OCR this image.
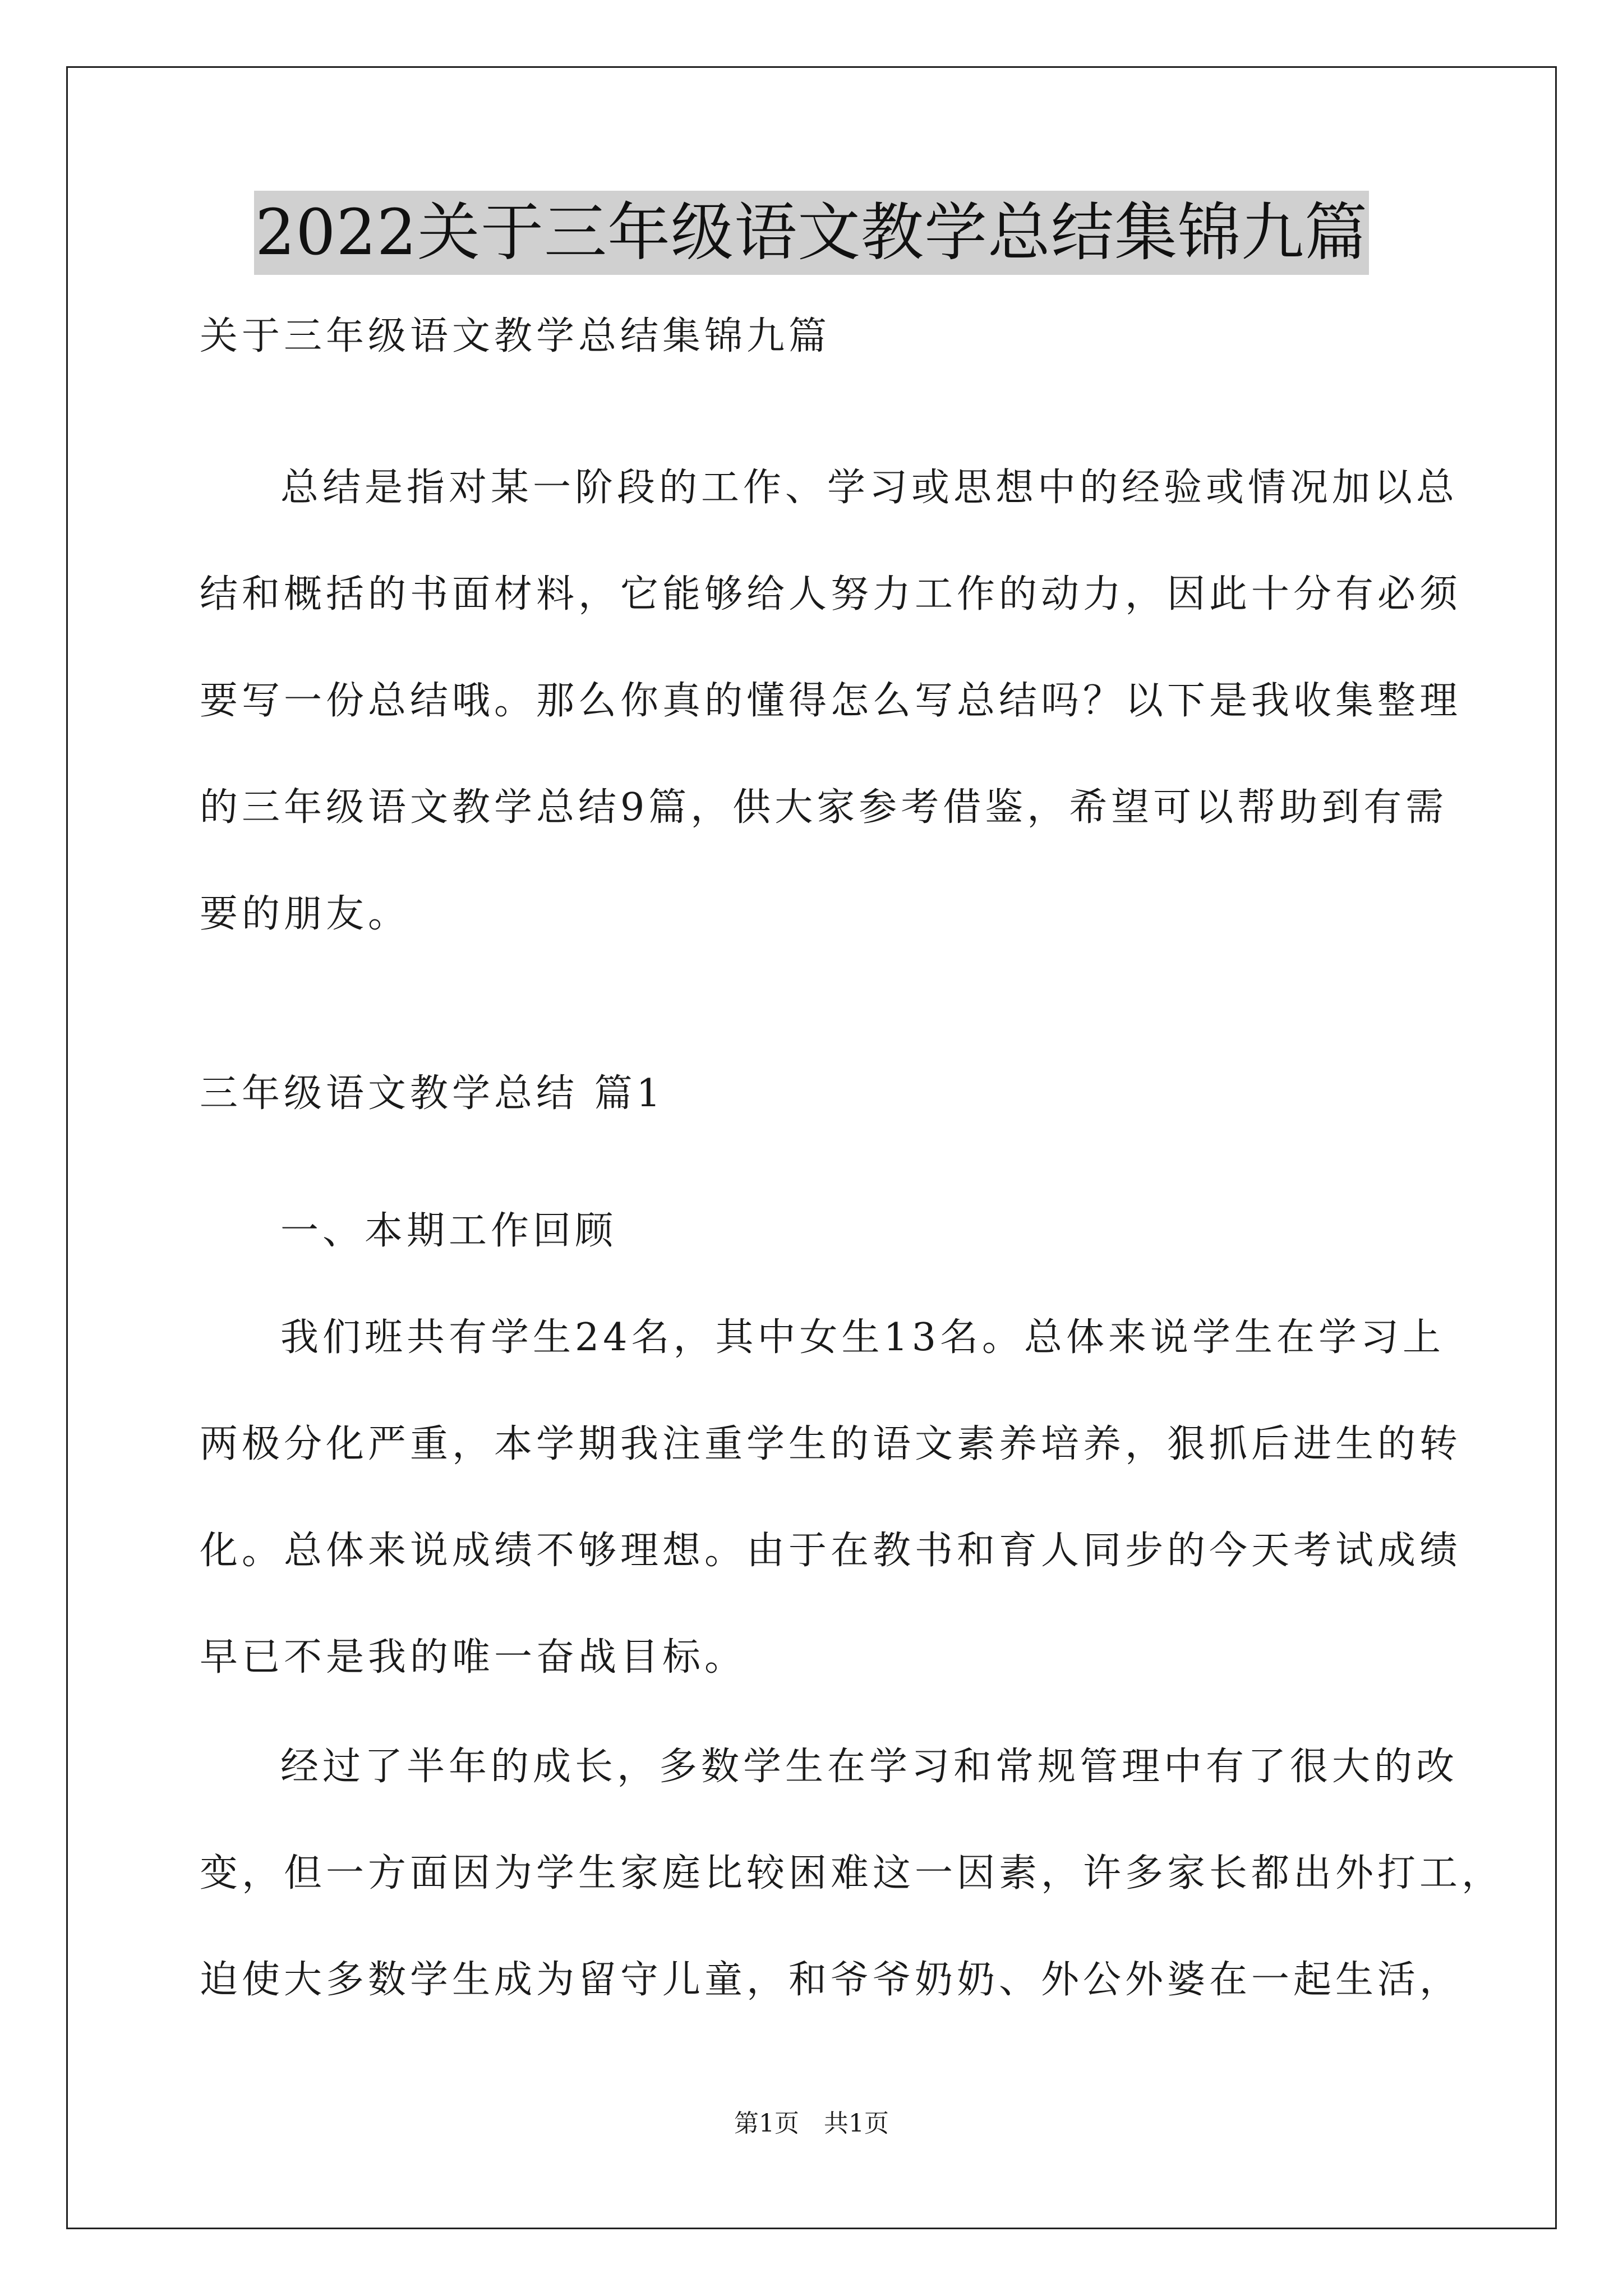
2022关于三年级语文教学总结集锦九篇
关于三年级语文教学总结集锦九篇
总结是指对某一阶段的工作、学习或思想中的经验或情况加以总
结和概括的书面材料，它能够给人努力工作的动力，因此十分有必须
要写一份总结哦。那么你真的懂得怎么写总结吗？以下是我收集整理
的三年级语文教学总结9篇，供大家参考借鉴，希望可以帮助到有需
要的朋友。
三年级语文教学总结 篇1
一、本期工作回顾
我们班共有学生24名，其中女生13名。总体来说学生在学习上
两极分化严重，本学期我注重学生的语文素养培养，狠抓后进生的转
化。总体来说成绩不够理想。由于在教书和育人同步的今天考试成绩
早已不是我的唯一奋战目标。
经过了半年的成长，多数学生在学习和常规管理中有了很大的改
变，但一方面因为学生家庭比较困难这一因素，许多家长都出外打工，
迫使大多数学生成为留守儿童，和爷爷奶奶、外公外婆在一起生活，
第1页　共1页
